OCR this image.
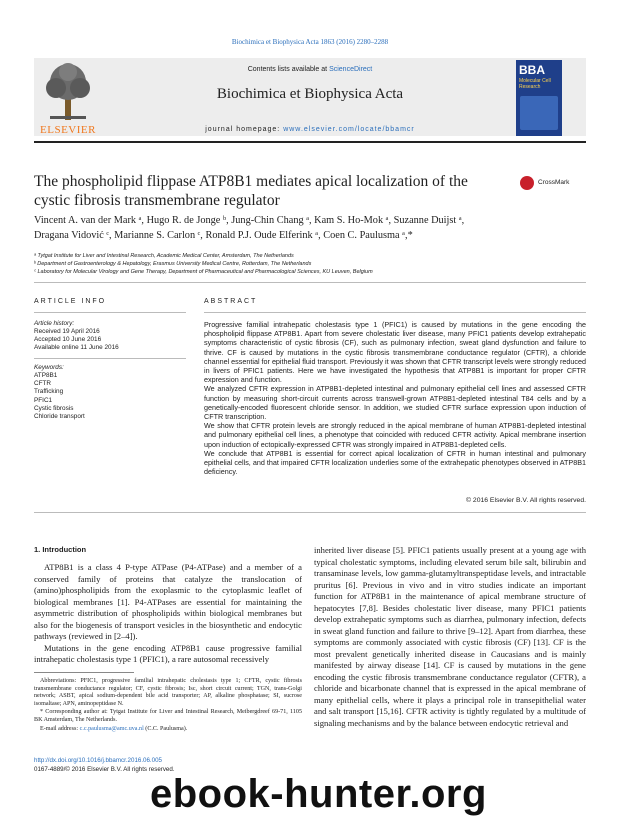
Biochimica et Biophysica Acta 1863 (2016) 2280–2288
ELSEVIER
Contents lists available at ScienceDirect
Biochimica et Biophysica Acta
journal homepage: www.elsevier.com/locate/bbamcr
BBA
Molecular Cell Research
The phospholipid flippase ATP8B1 mediates apical localization of the cystic fibrosis transmembrane regulator
CrossMark
Vincent A. van der Mark ᵃ, Hugo R. de Jonge ᵇ, Jung-Chin Chang ᵃ, Kam S. Ho-Mok ᵃ, Suzanne Duijst ᵃ,
Dragana Vidović ᶜ, Marianne S. Carlon ᶜ, Ronald P.J. Oude Elferink ᵃ, Coen C. Paulusma ᵃ,*
ᵃ Tytgat Institute for Liver and Intestinal Research, Academic Medical Center, Amsterdam, The Netherlands
ᵇ Department of Gastroenterology & Hepatology, Erasmus University Medical Centre, Rotterdam, The Netherlands
ᶜ Laboratory for Molecular Virology and Gene Therapy, Department of Pharmaceutical and Pharmacological Sciences, KU Leuven, Belgium
ARTICLE INFO
Article history:
Received 19 April 2016
Accepted 10 June 2016
Available online 11 June 2016
Keywords:
ATP8B1
CFTR
Trafficking
PFIC1
Cystic fibrosis
Chloride transport
ABSTRACT

Progressive familial intrahepatic cholestasis type 1 (PFIC1) is caused by mutations in the gene encoding the phospholipid flippase ATP8B1. Apart from severe cholestatic liver disease, many PFIC1 patients develop extrahepatic symptoms characteristic of cystic fibrosis (CF), such as pulmonary infection, sweat gland dysfunction and failure to thrive. CF is caused by mutations in the cystic fibrosis transmembrane conductance regulator (CFTR), a chloride channel essential for epithelial fluid transport. Previously it was shown that CFTR transcript levels were strongly reduced in livers of PFIC1 patients. Here we have investigated the hypothesis that ATP8B1 is important for proper CFTR expression and function.

We analyzed CFTR expression in ATP8B1-depleted intestinal and pulmonary epithelial cell lines and assessed CFTR function by measuring short-circuit currents across transwell-grown ATP8B1-depleted intestinal T84 cells and by a genetically-encoded fluorescent chloride sensor. In addition, we studied CFTR surface expression upon induction of CFTR transcription.

We show that CFTR protein levels are strongly reduced in the apical membrane of human ATP8B1-depleted intestinal and pulmonary epithelial cell lines, a phenotype that coincided with reduced CFTR activity. Apical membrane insertion upon induction of ectopically-expressed CFTR was strongly impaired in ATP8B1-depleted cells.

We conclude that ATP8B1 is essential for correct apical localization of CFTR in human intestinal and pulmonary epithelial cells, and that impaired CFTR localization underlies some of the extrahepatic phenotypes observed in ATP8B1 deficiency.

© 2016 Elsevier B.V. All rights reserved.
1. Introduction

ATP8B1 is a class 4 P-type ATPase (P4-ATPase) and a member of a conserved family of proteins that catalyze the translocation of (amino)phospholipids from the exoplasmic to the cytoplasmic leaflet of biological membranes [1]. P4-ATPases are essential for maintaining the asymmetric distribution of phospholipids within biological membranes but also for the biogenesis of transport vesicles in the biosynthetic and endocytic pathways (reviewed in [2–4]).

Mutations in the gene encoding ATP8B1 cause progressive familial intrahepatic cholestasis type 1 (PFIC1), a rare autosomal recessively

inherited liver disease [5]. PFIC1 patients usually present at a young age with typical cholestatic symptoms, including elevated serum bile salt, bilirubin and transaminase levels, low gamma-glutamyltranspeptidase levels, and intractable pruritus [6]. Previous in vivo and in vitro studies indicate an important function for ATP8B1 in the maintenance of apical membrane structure of hepatocytes [7,8]. Besides cholestatic liver disease, many PFIC1 patients develop extrahepatic symptoms such as diarrhea, pulmonary infection, defects in sweat gland function and failure to thrive [9–12]. Apart from diarrhea, these symptoms are commonly associated with cystic fibrosis (CF) [13]. CF is the most prevalent genetically inherited disease in Caucasians and is mainly manifested by airway disease [14]. CF is caused by mutations in the gene encoding the cystic fibrosis transmembrane conductance regulator (CFTR), a chloride and bicarbonate channel that is expressed in the apical membrane of many epithelial cells, where it plays a principal role in transepithelial water and salt transport [15,16]. CFTR activity is tightly regulated by a multitude of signaling mechanisms and by the balance between endocytic retrieval and

Abbreviations: PFIC1, progressive familial intrahepatic cholestasis type 1; CFTR, cystic fibrosis transmembrane conductance regulator; CF, cystic fibrosis; Isc, short circuit current; TGN, trans-Golgi network; ASBT, apical sodium-dependent bile acid transporter; AP, alkaline phosphatase; SI, sucrose isomaltase; APN, aminopeptidase N.

* Corresponding author at: Tytgat Institute for Liver and Intestinal Research, Meibergdreef 69-71, 1105 BK Amsterdam, The Netherlands.

E-mail address: c.c.paulusma@amc.uva.nl (C.C. Paulusma).

http://dx.doi.org/10.1016/j.bbamcr.2016.06.005
0167-4889/© 2016 Elsevier B.V. All rights reserved.
ebook-hunter.org
